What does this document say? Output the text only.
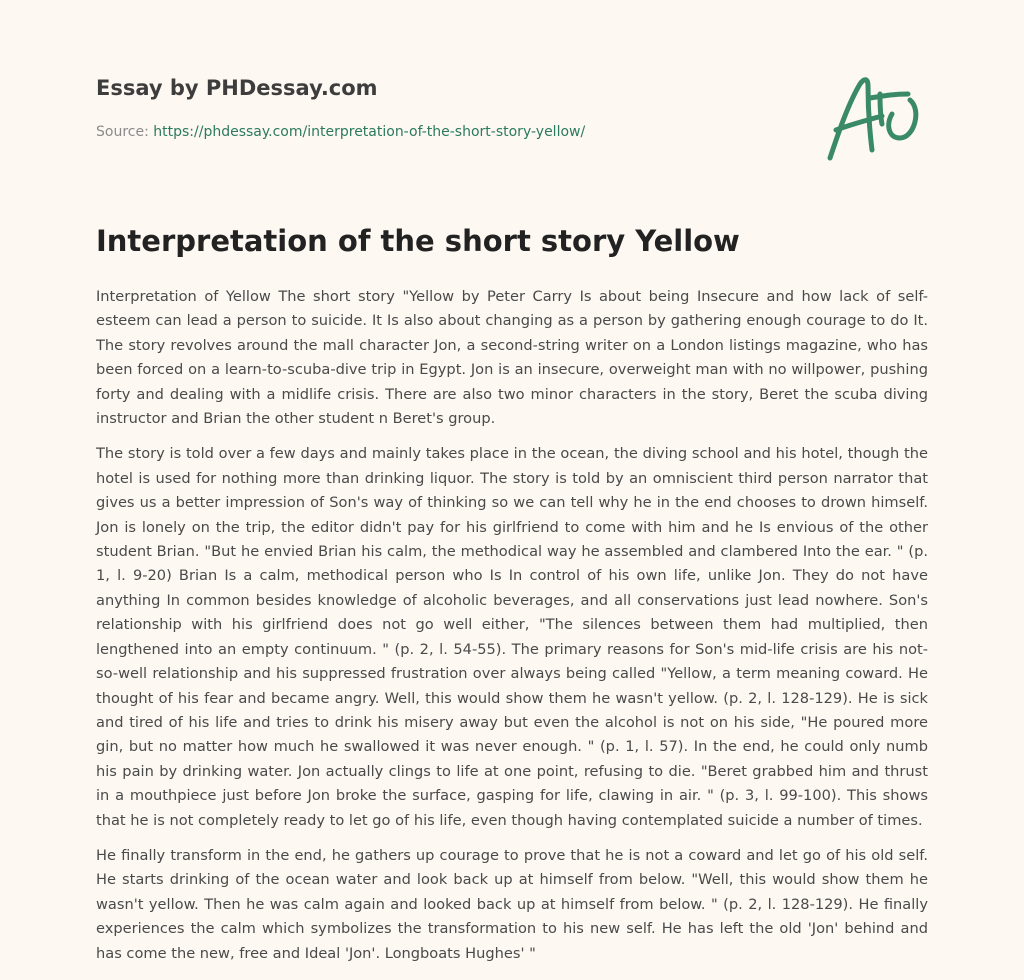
Essay by PHDessay.com
Source: https://phdessay.com/interpretation-of-the-short-story-yellow/
Interpretation of the short story Yellow

Interpretation of Yellow The short story "Yellow by Peter Carry Is about being Insecure and how lack of self-esteem can lead a person to suicide. It Is also about changing as a person by gathering enough courage to do It. The story revolves around the mall character Jon, a second-string writer on a London listings magazine, who has been forced on a learn-to-scuba-dive trip in Egypt. Jon is an insecure, overweight man with no willpower, pushing forty and dealing with a midlife crisis. There are also two minor characters in the story, Beret the scuba diving instructor and Brian the other student n Beret's group.

The story is told over a few days and mainly takes place in the ocean, the diving school and his hotel, though the hotel is used for nothing more than drinking liquor. The story is told by an omniscient third person narrator that gives us a better impression of Son's way of thinking so we can tell why he in the end chooses to drown himself. Jon is lonely on the trip, the editor didn't pay for his girlfriend to come with him and he Is envious of the other student Brian. "But he envied Brian his calm, the methodical way he assembled and clambered Into the ear. " (p. 1, l. 9-20) Brian Is a calm, methodical person who Is In control of his own life, unlike Jon. They do not have anything In common besides knowledge of alcoholic beverages, and all conservations just lead nowhere. Son's relationship with his girlfriend does not go well either, "The silences between them had multiplied, then lengthened into an empty continuum. " (p. 2, l. 54-55). The primary reasons for Son's mid-life crisis are his not-so-well relationship and his suppressed frustration over always being called "Yellow, a term meaning coward. He thought of his fear and became angry. Well, this would show them he wasn't yellow. (p. 2, l. 128-129). He is sick and tired of his life and tries to drink his misery away but even the alcohol is not on his side, "He poured more gin, but no matter how much he swallowed it was never enough. " (p. 1, l. 57). In the end, he could only numb his pain by drinking water. Jon actually clings to life at one point, refusing to die. "Beret grabbed him and thrust in a mouthpiece just before Jon broke the surface, gasping for life, clawing in air. " (p. 3, l. 99-100). This shows that he is not completely ready to let go of his life, even though having contemplated suicide a number of times.

He finally transform in the end, he gathers up courage to prove that he is not a coward and let go of his old self. He starts drinking of the ocean water and look back up at himself from below. "Well, this would show them he wasn't yellow. Then he was calm again and looked back up at himself from below. " (p. 2, l. 128-129). He finally experiences the calm which symbolizes the transformation to his new self. He has left the old 'Jon' behind and has come the new, free and Ideal 'Jon'. Longboats Hughes' "
